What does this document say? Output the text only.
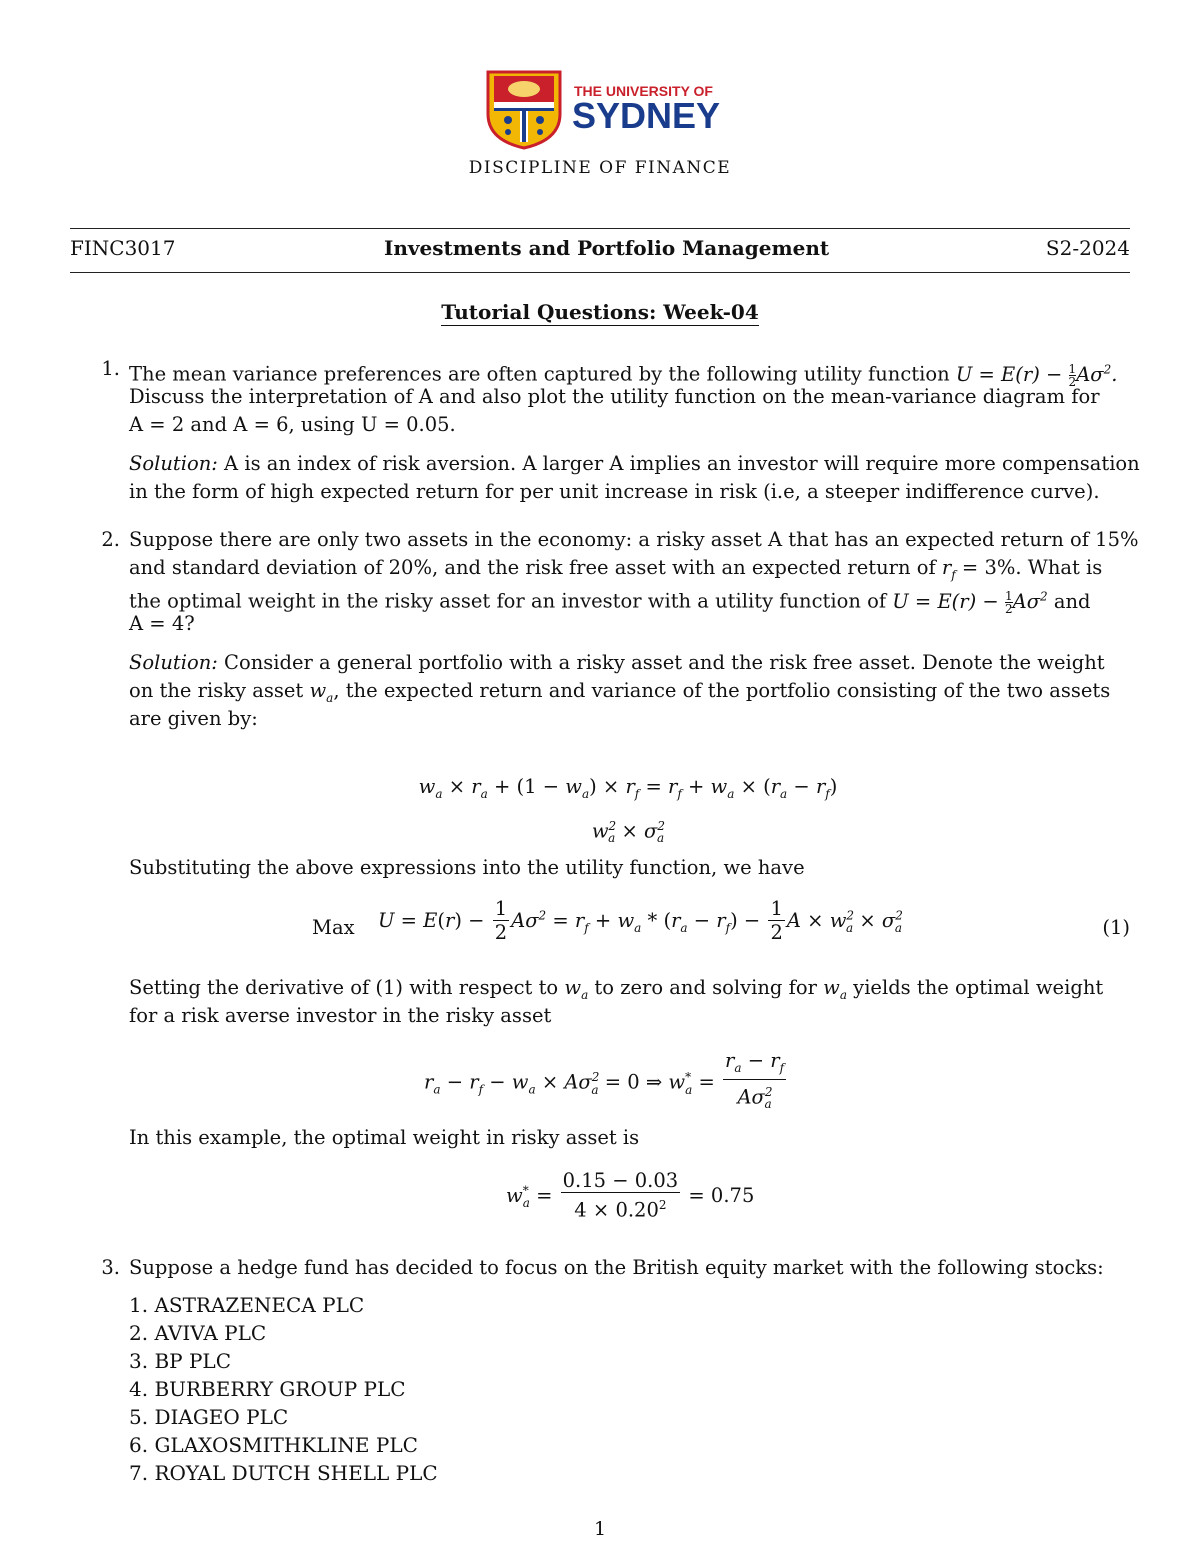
THE UNIVERSITY OF
SYDNEY
DISCIPLINE OF FINANCE
FINC3017	Investments and Portfolio Management	S2-2024
Tutorial Questions: Week-04
1. The mean variance preferences are often captured by the following utility function $U = E(r) - \frac{1}{2}A\sigma^2$.
Discuss the interpretation of A and also plot the utility function on the mean-variance diagram for
A = 2 and A = 6, using U = 0.05.
Solution: A is an index of risk aversion. A larger A implies an investor will require more compensation
in the form of high expected return for per unit increase in risk (i.e, a steeper indifference curve).
2. Suppose there are only two assets in the economy: a risky asset A that has an expected return of 15%
and standard deviation of 20%, and the risk free asset with an expected return of $r_f = 3\%$. What is
the optimal weight in the risky asset for an investor with a utility function of $U = E(r) - \frac{1}{2}A\sigma^2$ and
A = 4?
Solution: Consider a general portfolio with a risky asset and the risk free asset. Denote the weight
on the risky asset $w_a$, the expected return and variance of the portfolio consisting of the two assets
are given by:
$w_a \times r_a + (1 - w_a) \times r_f = r_f + w_a \times (r_a - r_f)$
$w^2_a \times \sigma^2_a$
Substituting the above expressions into the utility function, we have
Max $U = E(r) - \frac{1}{2} A\sigma^2 = r_f + w_a * (r_a - r_f) - \frac{1}{2}$ $A \times w^2_a \times \sigma^2_a$	(1)
Setting the derivative of (1) with respect to $w_a$ to zero and solving for $w_a$ yields the optimal weight
for a risk averse investor in the risky asset
$r_a - r_f - w_a \times A\sigma^2_a = 0$ ⇒ $w^*_a = \frac{r_a - r_f}{A\sigma^2_a}$
In this example, the optimal weight in risky asset is
$w^*_a = \frac{0.15 - 0.03}{4 \times 0.20^2} = 0.75$
3. Suppose a hedge fund has decided to focus on the British equity market with the following stocks:
1. ASTRAZENECA PLC
2. AVIVA PLC
3. BP PLC
4. BURBERRY GROUP PLC
5. DIAGEO PLC
6. GLAXOSMITHKLINE PLC
7. ROYAL DUTCH SHELL PLC
1
